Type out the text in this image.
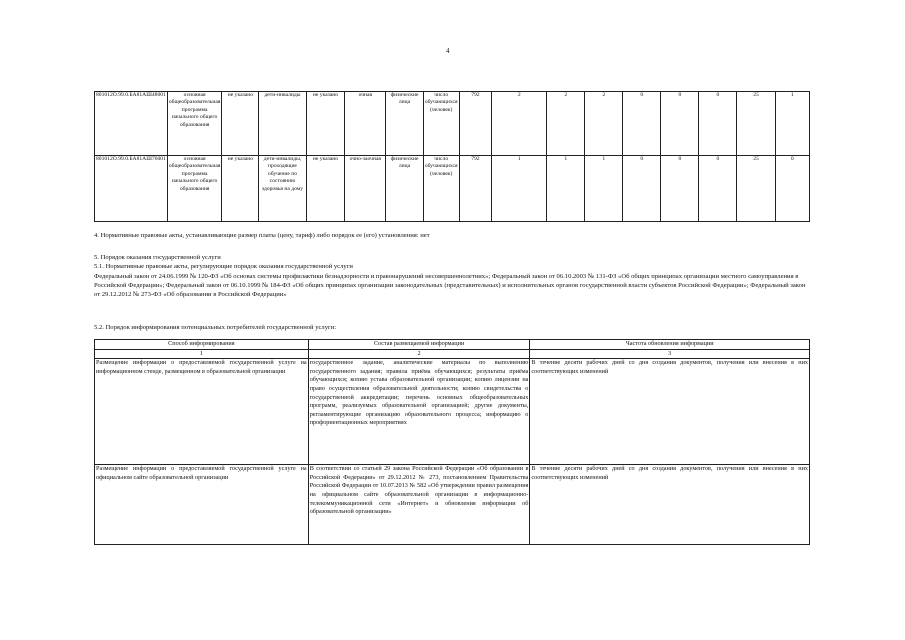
4
801012О.99.0.БА81АШ48001	основная общеобразовательная программа начального общего образования	не указано	дети-инвалиды	не указано	очная	физические лица	число обучающихся (человек)	792	2	2	2	0	0	0	25	1
801012О.99.0.БА81АШ76001	основная общеобразовательная программа начального общего образования	не указано	дети-инвалиды, проходящие обучение по состоянию здоровья на дому	не указано	очно-заочная	физические лица	число обучающихся (человек)	792	1	1	1	0	0	0	25	0
4. Нормативные правовые акты, устанавливающие размер платы (цену, тариф) либо порядок ее (его) установления: нет
5. Порядок оказания государственной услуги
5.1. Нормативные правовые акты, регулирующие порядок оказания государственной услуги
Федеральный закон от 24.06.1999 № 120-ФЗ «Об основах системы профилактики безнадзорности и правонарушений несовершеннолетних»; Федеральный закон от 06.10.2003 № 131-ФЗ «Об общих принципах организации местного самоуправления в Российской Федерации»; Федеральный закон от 06.10.1999 № 184-ФЗ «Об общих принципах организации законодательных (представительных) и исполнительных органов государственной власти субъектов Российской Федерации»; Федеральный закон от 29.12.2012 № 273-ФЗ «Об образовании в Российской Федерации»
5.2. Порядок информирования потенциальных потребителей государственной услуги:
Способ информирования	Состав размещаемой информации	Частота обновления информации
1	2	3
Размещение информации о предоставляемой государственной услуге на информационном стенде, размещенном в образовательной организации	государственное задание, аналитические материалы по выполнению государственного задания; правила приёма обучающихся; результаты приёма обучающихся; копию устава образовательной организации; копию лицензии на право осуществления образовательной деятельности; копию свидетельства о государственной аккредитации; перечень основных общеобразовательных программ, реализуемых образовательной организацией; другие документы, регламентирующие организацию образовательного процесса; информацию о профориентационных мероприятиях	В течение десяти рабочих дней со дня создания документов, получения или внесения в них соответствующих изменений
Размещение информации о предоставляемой государственной услуге на официальном сайте образовательной организации	В соответствии со статьей 29 закона Российской Федерации «Об образовании в Российской Федерации» от 29.12.2012 № 273, постановлением Правительства Российской Федерации от 10.07.2013 № 582 «Об утверждении правил размещения на официальном сайте образовательной организации в информационно-телекоммуникационной сети «Интернет» и обновления информации об образовательной организации»	В течение десяти рабочих дней со дня создания документов, получения или внесения в них соответствующих изменений
